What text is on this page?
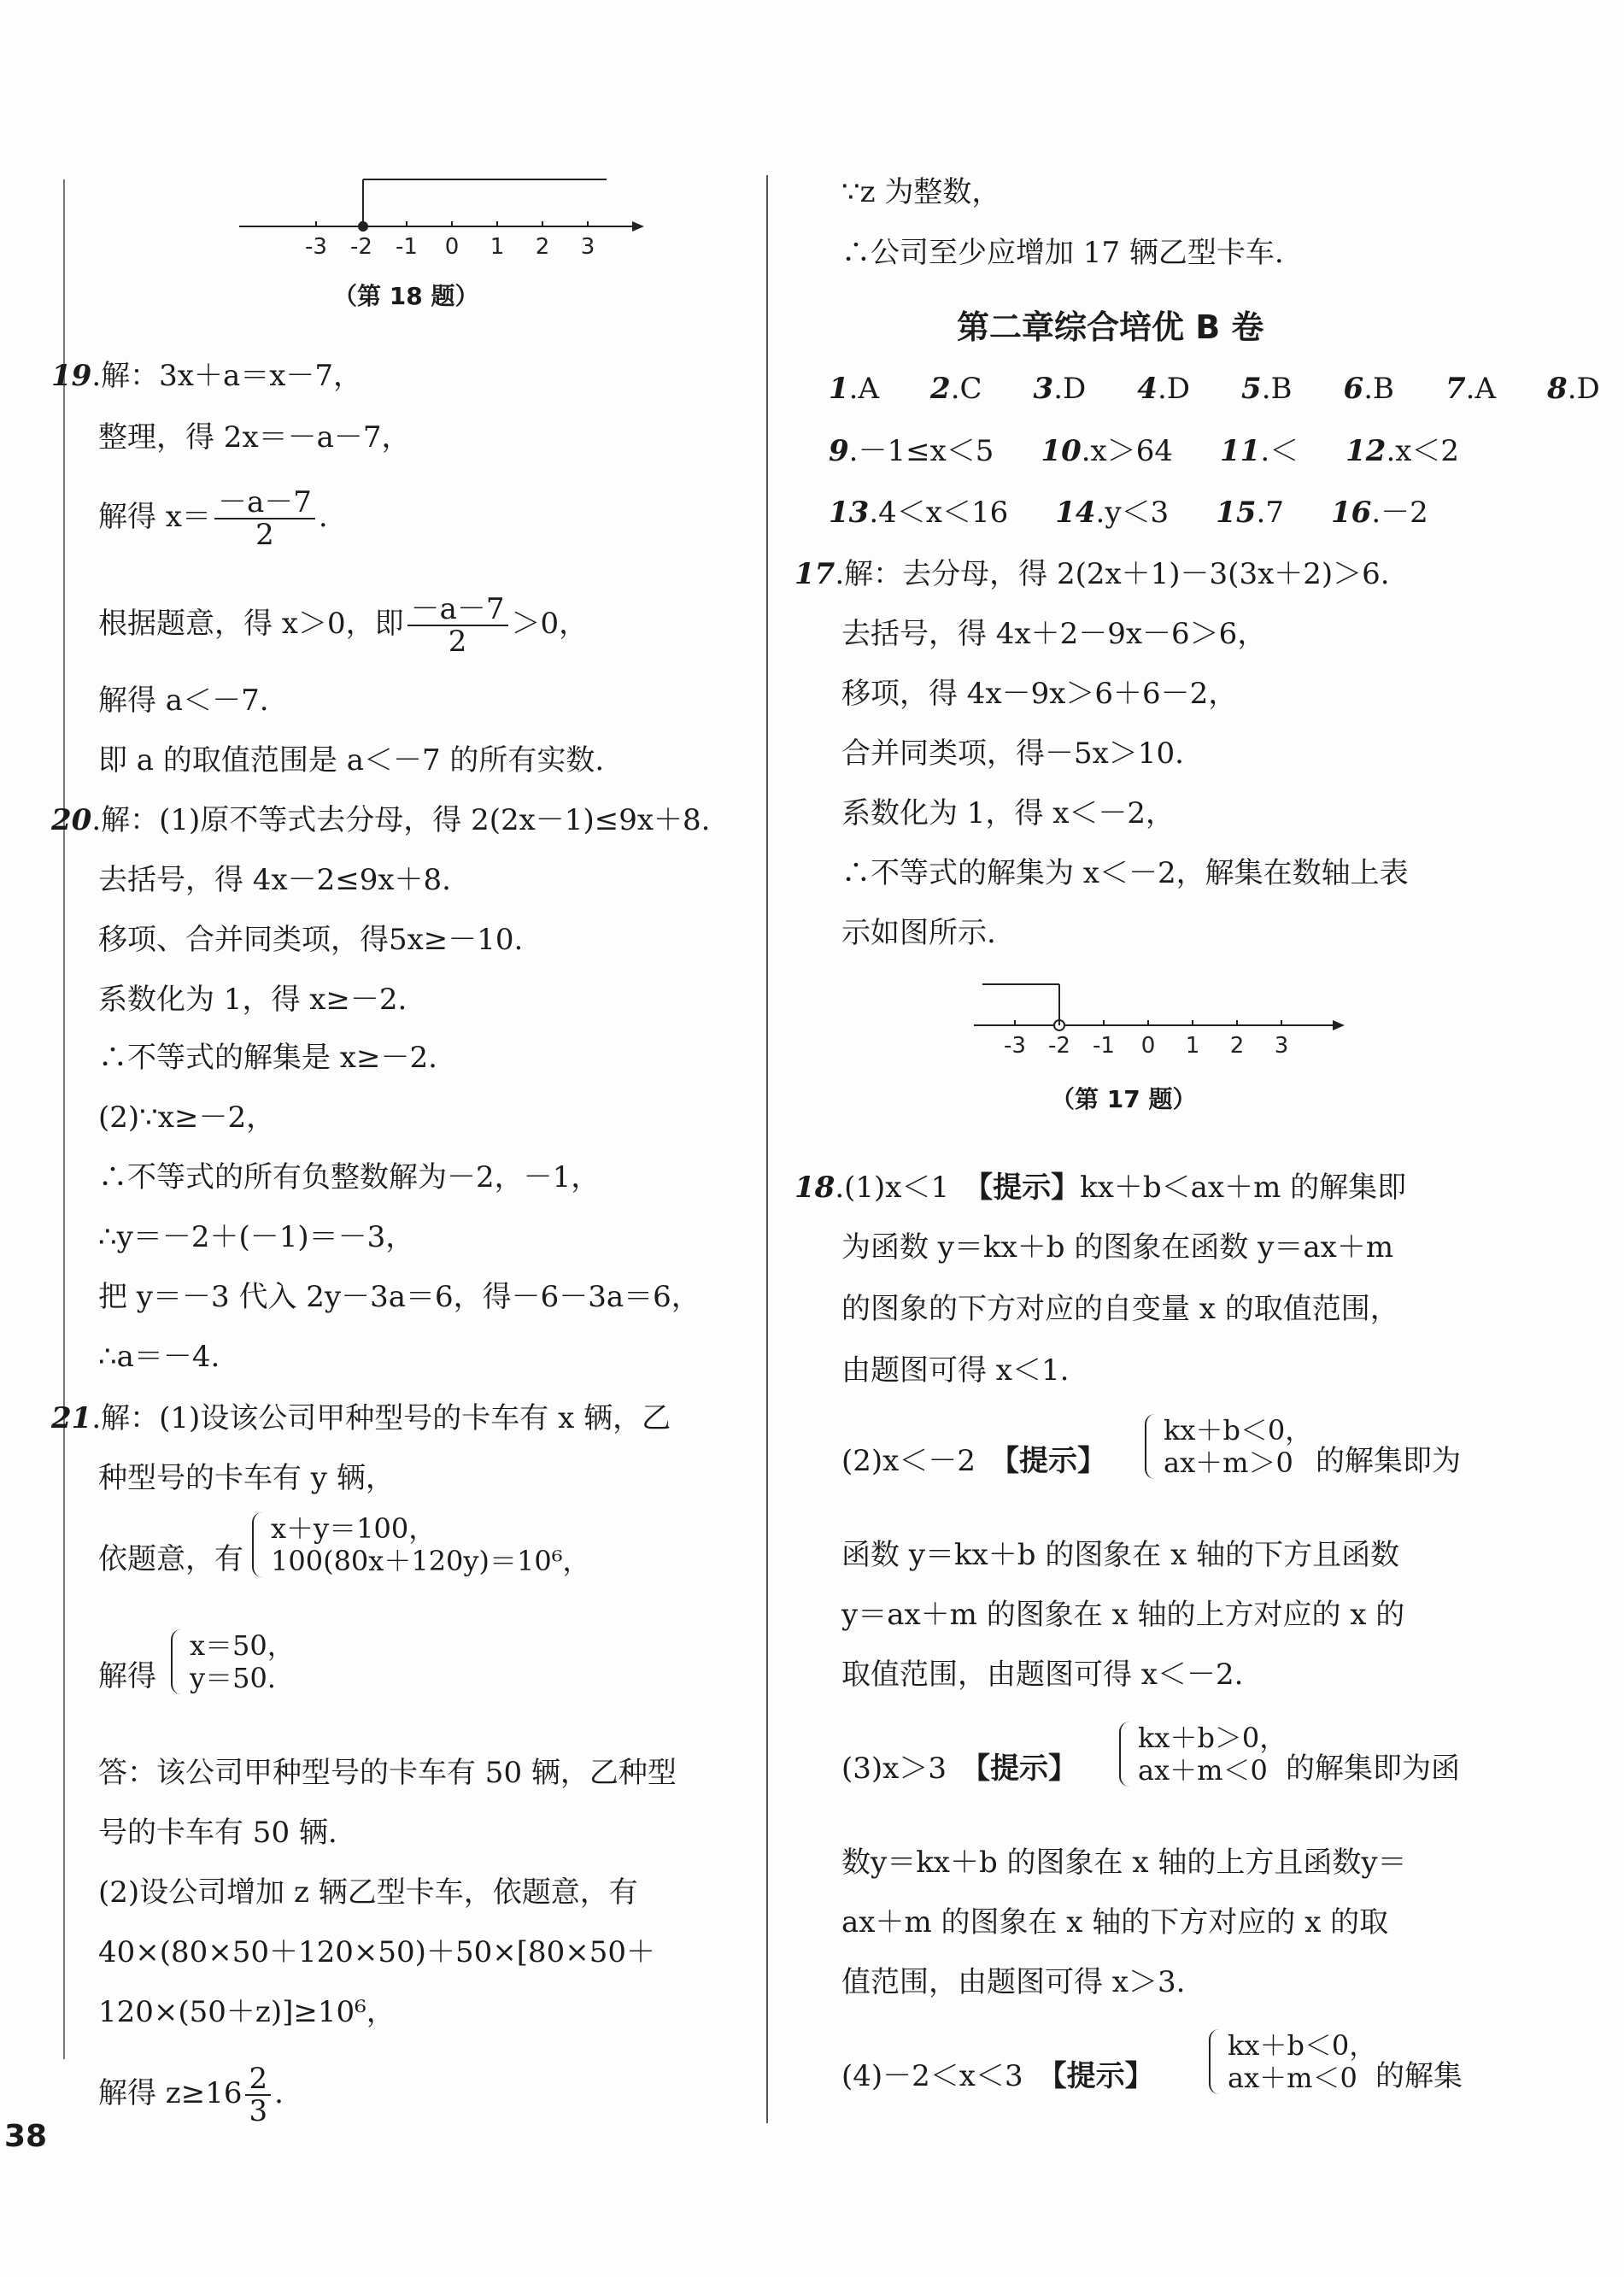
-3 -2 -1 0 1 2 3
（第 18 题）
19.解：3x＋a＝x－7，
整理，得 2x＝－a－7，
解得 $x= \frac{-a-7}{2}$ .
根据题意，得 x＞0，即 $\frac{-a-7}{2} >0$，
解得 a＜－7.
即 a 的取值范围是 a＜－7 的所有实数.
20.解：(1)原不等式去分母，得 2(2x－1)≤9x＋8.
去括号，得 4x－2≤9x＋8.
移项、合并同类项，得5x≥－10.
系数化为 1，得 x≥－2.
∴不等式的解集是 x≥－2.
(2)∵x≥－2，
∴不等式的所有负整数解为－2，－1，
∴y＝－2＋(－1)＝－3，
把 y＝－3 代入 2y－3a＝6，得－6－3a＝6，
∴a＝－4.
21.解：(1)设该公司甲种型号的卡车有 x 辆，乙
种型号的卡车有 y 辆，
依题意，有
x＋y＝100，
100(80x＋120y)＝10⁶，
解得
x＝50，
y＝50.
答：该公司甲种型号的卡车有 50 辆，乙种型
号的卡车有 50 辆.
(2)设公司增加 z 辆乙型卡车，依题意，有
40×(80×50＋120×50)＋50×[80×50＋
120×(50＋z)]≥10⁶，
解得 $z\ge 16 \frac{2}{3}$ .
38
∵z 为整数，
∴公司至少应增加 17 辆乙型卡车.
第二章综合培优 B 卷
1.A 2.C 3.D 4.D 5.B 6.B 7.A 8.D
9.－1≤x＜5 10.x＞64 11.＜ 12.x＜2
13.4＜x＜16 14.y＜3 15.7 16.－2
17.解：去分母，得 2(2x＋1)－3(3x＋2)＞6.
去括号，得 4x＋2－9x－6＞6，
移项，得 4x－9x＞6＋6－2，
合并同类项，得－5x＞10.
系数化为 1，得 x＜－2，
∴不等式的解集为 x＜－2，解集在数轴上表
示如图所示.
-3 -2 -1 0 1 2 3
（第 17 题）
18.(1)x＜1　【提示】kx＋b＜ax＋m 的解集即
为函数 y＝kx＋b 的图象在函数 y＝ax＋m
的图象的下方对应的自变量 x 的取值范围，
由题图可得 x＜1.
(2)x＜－2　【提示】
kx＋b＜0，
ax＋m＞0 的解集即为
函数 y＝kx＋b 的图象在 x 轴的下方且函数
y＝ax＋m 的图象在 x 轴的上方对应的 x 的
取值范围，由题图可得 x＜－2.
(3)x＞3　【提示】
kx＋b＞0，
ax＋m＜0 的解集即为函
数y＝kx＋b 的图象在 x 轴的上方且函数y＝
ax＋m 的图象在 x 轴的下方对应的 x 的取
值范围，由题图可得 x＞3.
(4)－2＜x＜3　【提示】
kx＋b＜0，
ax＋m＜0 的解集
